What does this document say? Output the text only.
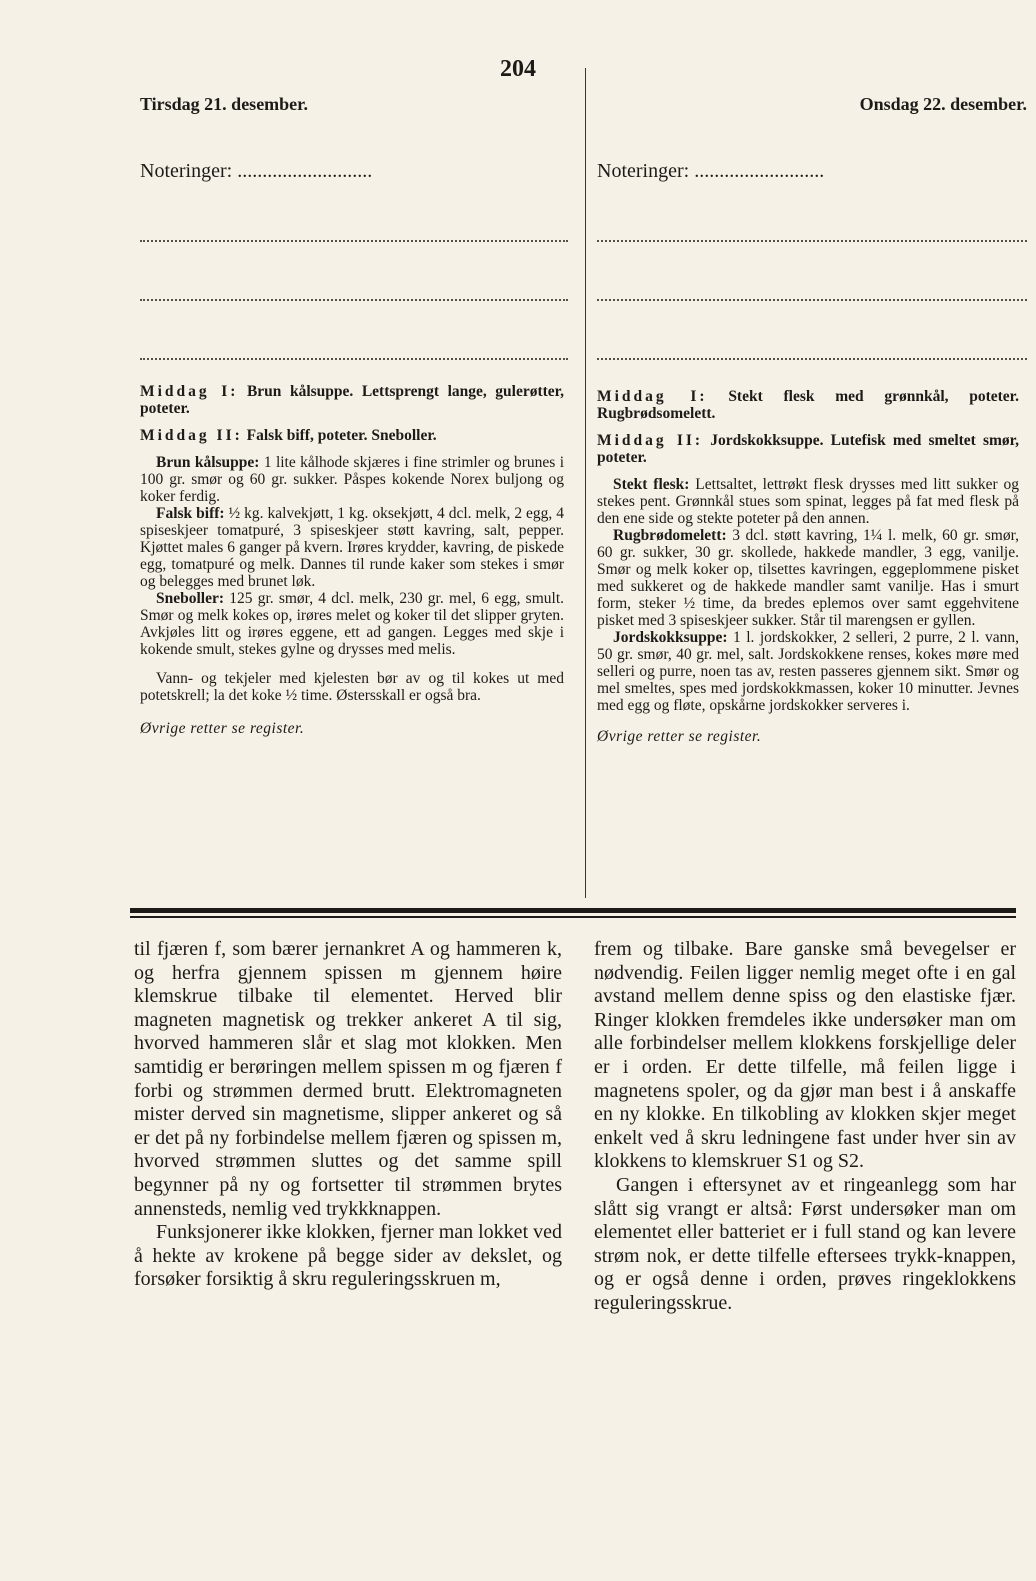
204
Tirsdag 21. desember.
Noteringer: ...........................
Onsdag 22. desember.
Noteringer: ..........................

Middag I: Brun kålsuppe. Lettsprengt lange, gulerøtter, poteter.

Middag II: Falsk biff, poteter. Sneboller.

Brun kålsuppe: 1 lite kålhode skjæres i fine strimler og brunes i 100 gr. smør og 60 gr. sukker. Påspes kokende Norex buljong og koker ferdig.

Falsk biff: ½ kg. kalvekjøtt, 1 kg. oksekjøtt, 4 dcl. melk, 2 egg, 4 spiseskjeer tomatpuré, 3 spiseskjeer støtt kavring, salt, pepper. Kjøttet males 6 ganger på kvern. Irøres krydder, kavring, de piskede egg, tomatpuré og melk. Dannes til runde kaker som stekes i smør og belegges med brunet løk.

Sneboller: 125 gr. smør, 4 dcl. melk, 230 gr. mel, 6 egg, smult. Smør og melk kokes op, irøres melet og koker til det slipper gryten. Avkjøles litt og irøres eggene, ett ad gangen. Legges med skje i kokende smult, stekes gylne og drysses med melis.

Vann- og tekjeler med kjelesten bør av og til kokes ut med potetskrell; la det koke ½ time. Østersskall er også bra.

Øvrige retter se register.

Middag I: Stekt flesk med grønnkål, poteter. Rugbrødsomelett.

Middag II: Jordskokksuppe. Lutefisk med smeltet smør, poteter.

Stekt flesk: Lettsaltet, lettrøkt flesk drysses med litt sukker og stekes pent. Grønnkål stues som spinat, legges på fat med flesk på den ene side og stekte poteter på den annen.

Rugbrødomelett: 3 dcl. støtt kavring, 1¼ l. melk, 60 gr. smør, 60 gr. sukker, 30 gr. skollede, hakkede mandler, 3 egg, vanilje. Smør og melk koker op, tilsettes kavringen, eggeplommene pisket med sukkeret og de hakkede mandler samt vanilje. Has i smurt form, steker ½ time, da bredes eplemos over samt eggehvitene pisket med 3 spiseskjeer sukker. Står til marengsen er gyllen.

Jordskokksuppe: 1 l. jordskokker, 2 selleri, 2 purre, 2 l. vann, 50 gr. smør, 40 gr. mel, salt. Jordskokkene renses, kokes møre med selleri og purre, noen tas av, resten passeres gjennem sikt. Smør og mel smeltes, spes med jordskokkmassen, koker 10 minutter. Jevnes med egg og fløte, opskårne jordskokker serveres i.

Øvrige retter se register.

til fjæren f, som bærer jernankret A og hammeren k, og herfra gjennem spissen m gjennem høire klemskrue tilbake til elementet. Herved blir magneten magnetisk og trekker ankeret A til sig, hvorved hammeren slår et slag mot klokken. Men samtidig er berøringen mellem spissen m og fjæren f forbi og strømmen dermed brutt. Elektromagneten mister derved sin magnetisme, slipper ankeret og så er det på ny forbindelse mellem fjæren og spissen m, hvorved strømmen sluttes og det samme spill begynner på ny og fortsetter til strømmen brytes annensteds, nemlig ved trykkknappen.

Funksjonerer ikke klokken, fjerner man lokket ved å hekte av krokene på begge sider av dekslet, og forsøker forsiktig å skru reguleringsskruen m,

frem og tilbake. Bare ganske små bevegelser er nødvendig. Feilen ligger nemlig meget ofte i en gal avstand mellem denne spiss og den elastiske fjær. Ringer klokken fremdeles ikke undersøker man om alle forbindelser mellem klokkens forskjellige deler er i orden. Er dette tilfelle, må feilen ligge i magnetens spoler, og da gjør man best i å anskaffe en ny klokke. En tilkobling av klokken skjer meget enkelt ved å skru ledningene fast under hver sin av klokkens to klemskruer S1 og S2.

Gangen i eftersynet av et ringeanlegg som har slått sig vrangt er altså: Først undersøker man om elementet eller batteriet er i full stand og kan levere strøm nok, er dette tilfelle eftersees trykk-knappen, og er også denne i orden, prøves ringeklokkens reguleringsskrue.
